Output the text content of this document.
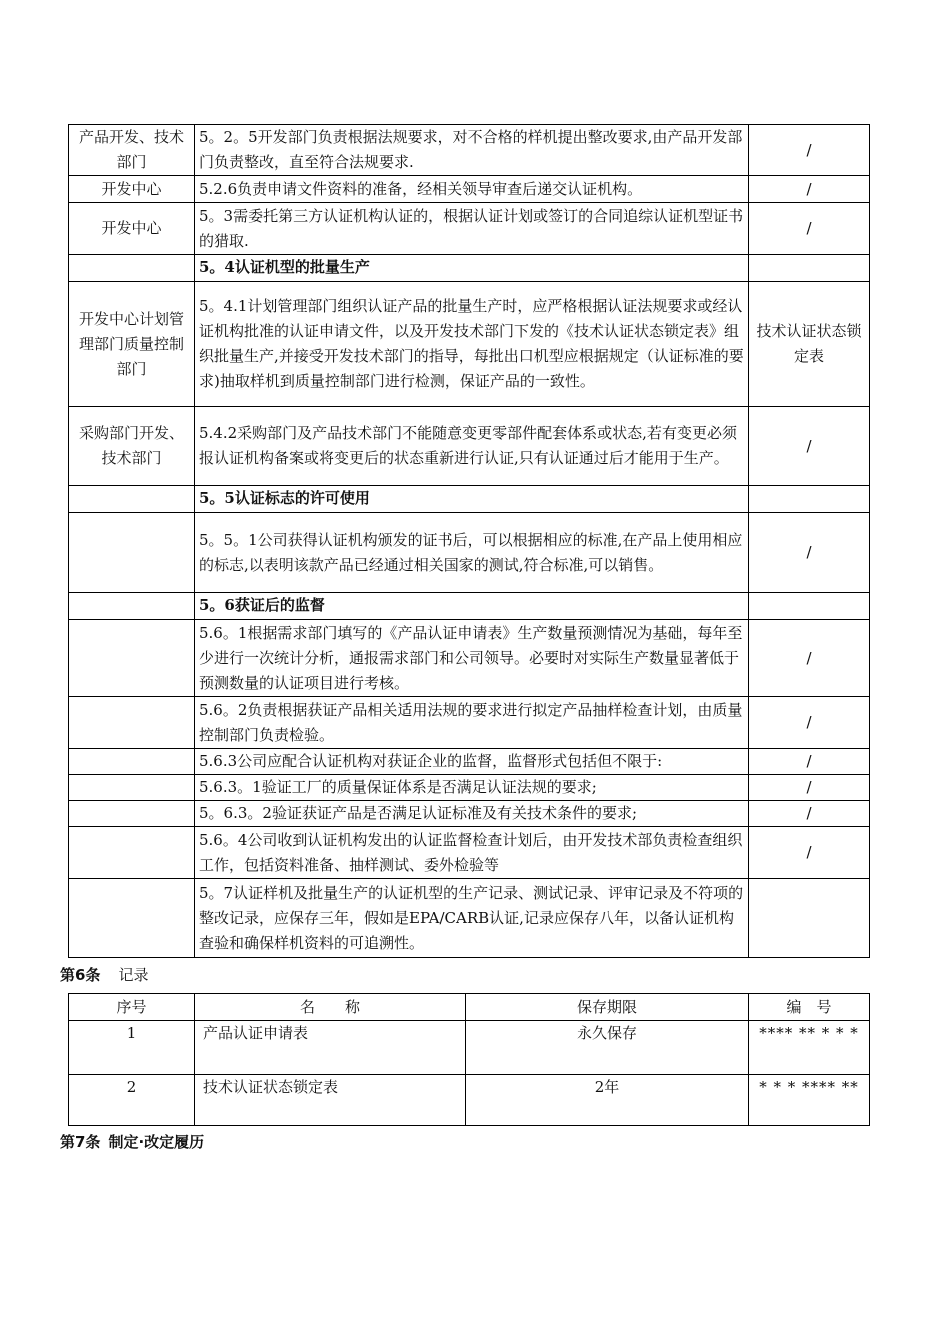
产品开发、技术部门	5。2。5开发部门负责根据法规要求，对不合格的样机提出整改要求,由产品开发部门负责整改，直至符合法规要求.	/
开发中心	5.2.6负责申请文件资料的准备，经相关领导审查后递交认证机构。	/
开发中心	5。3需委托第三方认证机构认证的，根据认证计划或签订的合同追综认证机型证书的猎取.	/
	5。4认证机型的批量生产	
开发中心计划管理部门质量控制部门	5。4.1计划管理部门组织认证产品的批量生产时，应严格根据认证法规要求或经认证机构批准的认证申请文件，以及开发技术部门下发的《技术认证状态锁定表》组织批量生产,并接受开发技术部门的指导，每批出口机型应根据规定（认证标准的要求)抽取样机到质量控制部门进行检测，保证产品的一致性。	技术认证状态锁定表
采购部门开发、技术部门	5.4.2采购部门及产品技术部门不能随意变更零部件配套体系或状态,若有变更必须报认证机构备案或将变更后的状态重新进行认证,只有认证通过后才能用于生产。	/
	5。5认证标志的许可使用	
	5。5。1公司获得认证机构颁发的证书后，可以根据相应的标准,在产品上使用相应的标志,以表明该款产品已经通过相关国家的测试,符合标准,可以销售。	/
	5。6获证后的监督	
	5.6。1根据需求部门填写的《产品认证申请表》生产数量预测情况为基础，每年至少进行一次统计分析，通报需求部门和公司领导。必要时对实际生产数量显著低于预测数量的认证项目进行考核。	/
	5.6。2负责根据获证产品相关适用法规的要求进行拟定产品抽样检查计划，由质量控制部门负责检验。	/
	5.6.3公司应配合认证机构对获证企业的监督，监督形式包括但不限于:	/
	5.6.3。1验证工厂的质量保证体系是否满足认证法规的要求;	/
	5。6.3。2验证获证产品是否满足认证标准及有关技术条件的要求;	/
	5.6。4公司收到认证机构发出的认证监督检查计划后，由开发技术部负责检查组织工作，包括资料准备、抽样测试、委外检验等	/
	5。7认证样机及批量生产的认证机型的生产记录、测试记录、评审记录及不符项的整改记录，应保存三年，假如是EPA/CARB认证,记录应保存八年，以备认证机构查验和确保样机资料的可追溯性。	
第6条 记录
序号	名　　称	保存期限	编　号
1	产品认证申请表	永久保存	**** ** * * *
2	技术认证状态锁定表	2年	* * * **** **
第7条 制定·改定履历
